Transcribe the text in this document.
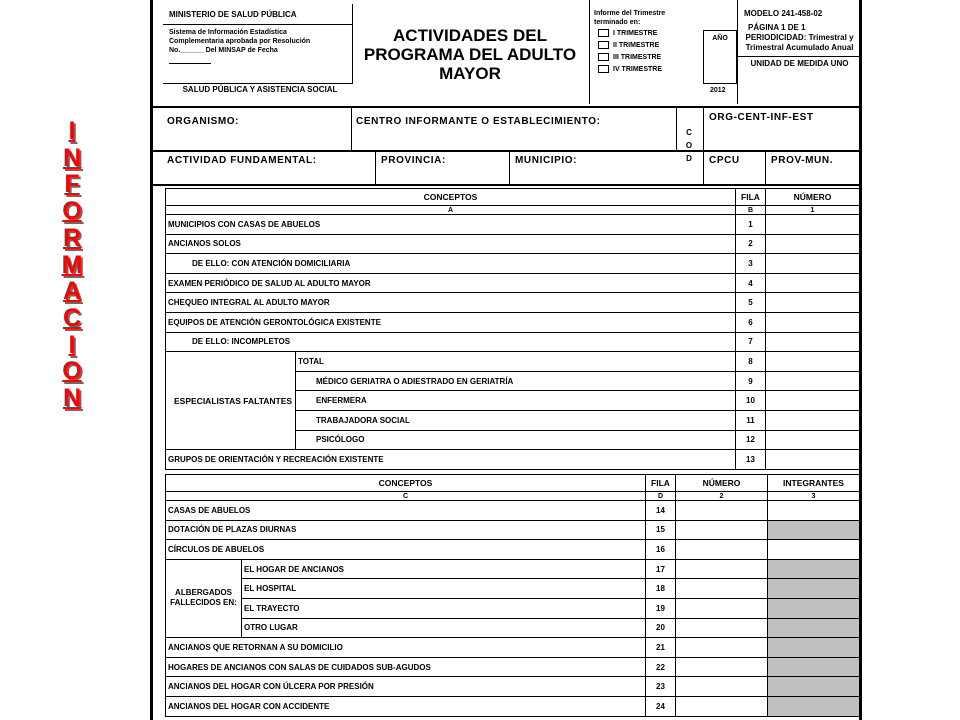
I
N
F
O
R
M
A
C
I
O
N
MINISTERIO DE SALUD PÚBLICA
Sistema de Información Estadística
Complementaria aprobada por Resolución
No.______ Del MINSAP de Fecha
SALUD PÚBLICA Y ASISTENCIA SOCIAL
ACTIVIDADES DEL PROGRAMA DEL ADULTO MAYOR
Informe del Trimestre terminado en:
I TRIMESTRE
II TRIMESTRE
III TRIMESTRE
IV TRIMESTRE
AÑO
2012
MODELO 241-458-02
PÁGINA 1 DE 1
PERIODICIDAD: Trimestral y Trimestral Acumulado Anual
UNIDAD DE MEDIDA UNO
ORGANISMO:	CENTRO INFORMANTE O ESTABLECIMIENTO:
C
O
D
ORG-CENT-INF-EST
ACTIVIDAD FUNDAMENTAL:	PROVINCIA:	MUNICIPIO:	CPCU	PROV-MUN.
CONCEPTOS		FILA	NÚMERO
A		B	1
MUNICIPIOS CON CASAS DE ABUELOS		1	
ANCIANOS SOLOS		2	
DE ELLO: CON ATENCIÓN DOMICILIARIA		3	
EXAMEN PERIÓDICO DE SALUD AL ADULTO MAYOR		4	
CHEQUEO INTEGRAL AL ADULTO MAYOR		5	
EQUIPOS DE ATENCIÓN GERONTOLÓGICA EXISTENTE		6	
DE ELLO: INCOMPLETOS		7	
ESPECIALISTAS FALTANTES	TOTAL	8	
	MÉDICO GERIATRA O ADIESTRADO EN GERIATRÍA	9	
	ENFERMERA	10	
	TRABAJADORA SOCIAL	11	
	PSICÓLOGO	12	
GRUPOS DE ORIENTACIÓN Y RECREACIÓN EXISTENTE		13	
CONCEPTOS		FILA	NÚMERO	INTEGRANTES
C		D	2	3
CASAS DE ABUELOS		14		
DOTACIÓN DE PLAZAS DIURNAS		15		
CÍRCULOS DE ABUELOS		16		
ALBERGADOS FALLECIDOS EN:	EL HOGAR DE ANCIANOS	17		
	EL HOSPITAL	18		
	EL TRAYECTO	19		
	OTRO LUGAR	20		
ANCIANOS QUE RETORNAN A SU DOMICILIO		21		
HOGARES DE ANCIANOS CON SALAS DE CUIDADOS SUB-AGUDOS		22		
ANCIANOS DEL HOGAR CON ÚLCERA POR PRESIÓN		23		
ANCIANOS DEL HOGAR CON ACCIDENTE		24		
